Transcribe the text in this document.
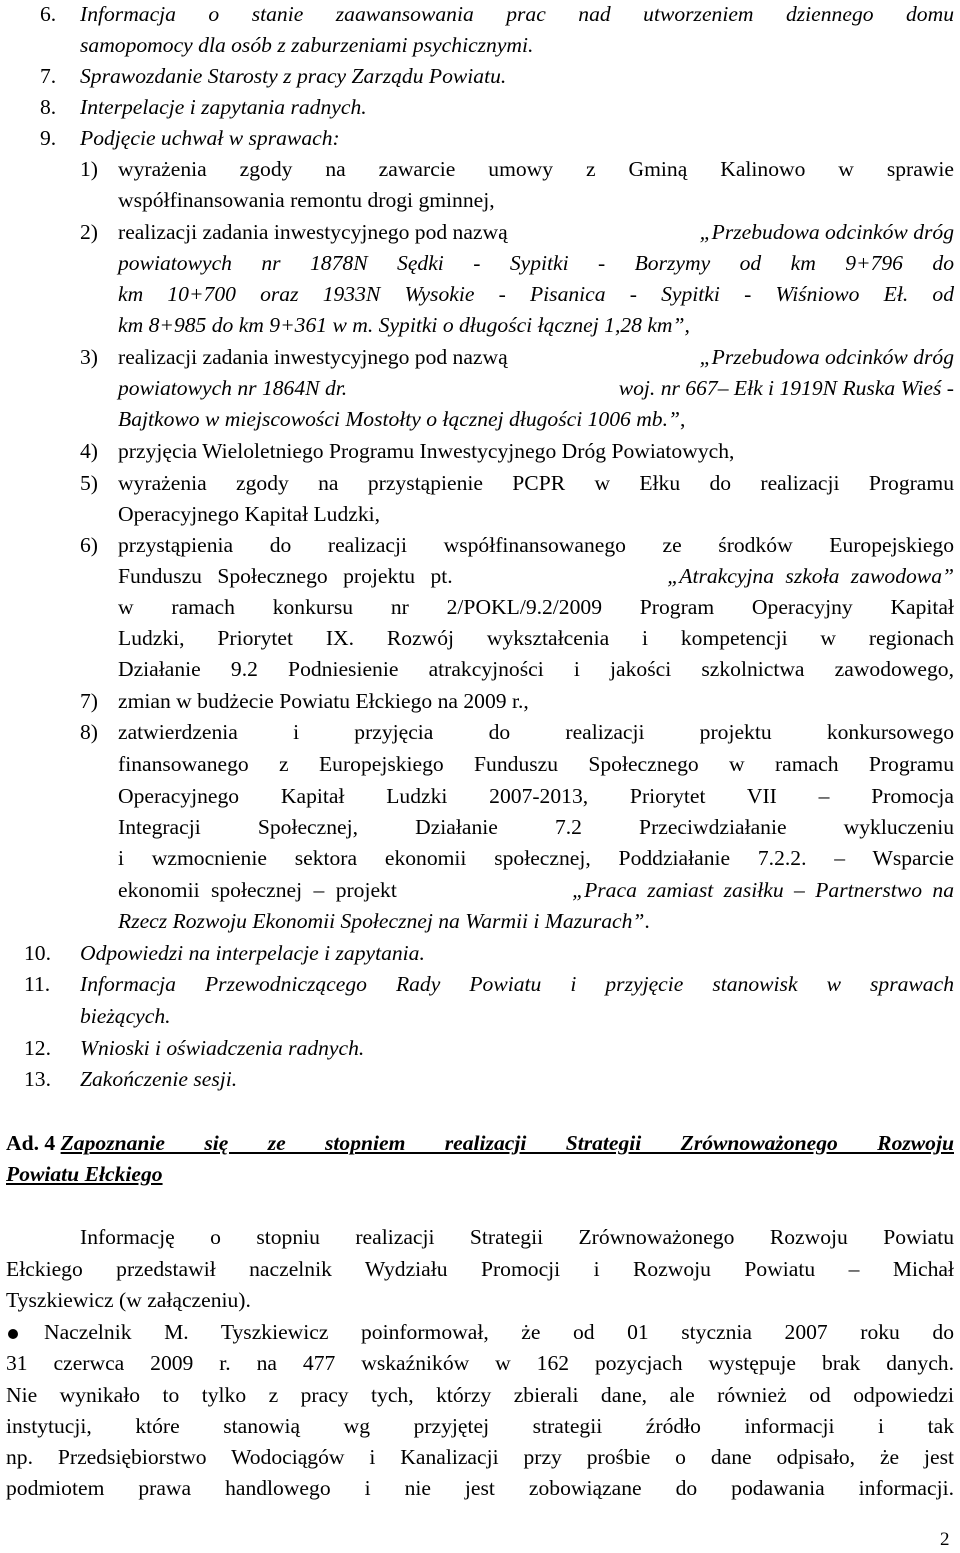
6. Informacja o stanie zaawansowania prac nad utworzeniem dziennego domu
samopomocy dla osób z zaburzeniami psychicznymi.
7. Sprawozdanie Starosty z pracy Zarządu Powiatu.
8. Interpelacje i zapytania radnych.
9. Podjęcie uchwał w sprawach:
1) wyrażenia zgody na zawarcie umowy z Gminą Kalinowo w sprawie
współfinansowania remontu drogi gminnej,
2) realizacji zadania inwestycyjnego pod nazwą	„Przebudowa odcinków dróg
powiatowych nr 1878N Sędki - Sypitki - Borzymy od km 9+796 do
km 10+700 oraz 1933N Wysokie - Pisanica - Sypitki - Wiśniowo Eł. od
km 8+985 do km 9+361 w m. Sypitki o długości łącznej 1,28 km”,
3) realizacji zadania inwestycyjnego pod nazwą	„Przebudowa odcinków dróg
powiatowych nr 1864N dr.	woj. nr 667– Ełk i 1919N Ruska Wieś -
Bajtkowo w miejscowości Mostołty o łącznej długości 1006 mb.”,
4) przyjęcia Wieloletniego Programu Inwestycyjnego Dróg Powiatowych,
5) wyrażenia zgody na przystąpienie PCPR w Ełku do realizacji Programu
Operacyjnego Kapitał Ludzki,
6) przystąpienia do realizacji współfinansowanego ze środków Europejskiego
Funduszu Społecznego projektu pt.	„Atrakcyjna szkoła zawodowa”
w ramach konkursu nr 2/POKL/9.2/2009 Program Operacyjny Kapitał
Ludzki, Priorytet IX. Rozwój wykształcenia i kompetencji w regionach
Działanie 9.2 Podniesienie atrakcyjności i jakości szkolnictwa zawodowego,
7) zmian w budżecie Powiatu Ełckiego na 2009 r.,
8) zatwierdzenia i przyjęcia do realizacji projektu konkursowego
finansowanego z Europejskiego Funduszu Społecznego w ramach Programu
Operacyjnego Kapitał Ludzki 2007-2013, Priorytet VII – Promocja
Integracji Społecznej, Działanie 7.2 Przeciwdziałanie wykluczeniu
i wzmocnienie sektora ekonomii społecznej, Poddziałanie 7.2.2. – Wsparcie
ekonomii społecznej – projekt	„Praca zamiast zasiłku – Partnerstwo na
Rzecz Rozwoju Ekonomii Społecznej na Warmii i Mazurach”.
10. Odpowiedzi na interpelacje i zapytania.
11. Informacja Przewodniczącego Rady Powiatu i przyjęcie stanowisk w sprawach
bieżących.
12. Wnioski i oświadczenia radnych.
13. Zakończenie sesji.
Ad. 4 Zapoznanie się ze stopniem realizacji Strategii Zrównoważonego Rozwoju
Powiatu Ełckiego
Informację o stopniu realizacji Strategii Zrównoważonego Rozwoju Powiatu
Ełckiego przedstawił naczelnik Wydziału Promocji i Rozwoju Powiatu – Michał
Tyszkiewicz (w załączeniu).
Naczelnik M. Tyszkiewicz poinformował, że od 01 stycznia 2007 roku do
31 czerwca 2009 r. na 477 wskaźników w 162 pozycjach występuje brak danych.
Nie wynikało to tylko z pracy tych, którzy zbierali dane, ale również od odpowiedzi
instytucji, które stanowią wg przyjętej strategii źródło informacji i tak
np. Przedsiębiorstwo Wodociągów i Kanalizacji przy prośbie o dane odpisało, że jest
podmiotem prawa handlowego i nie jest zobowiązane do podawania informacji.
2
